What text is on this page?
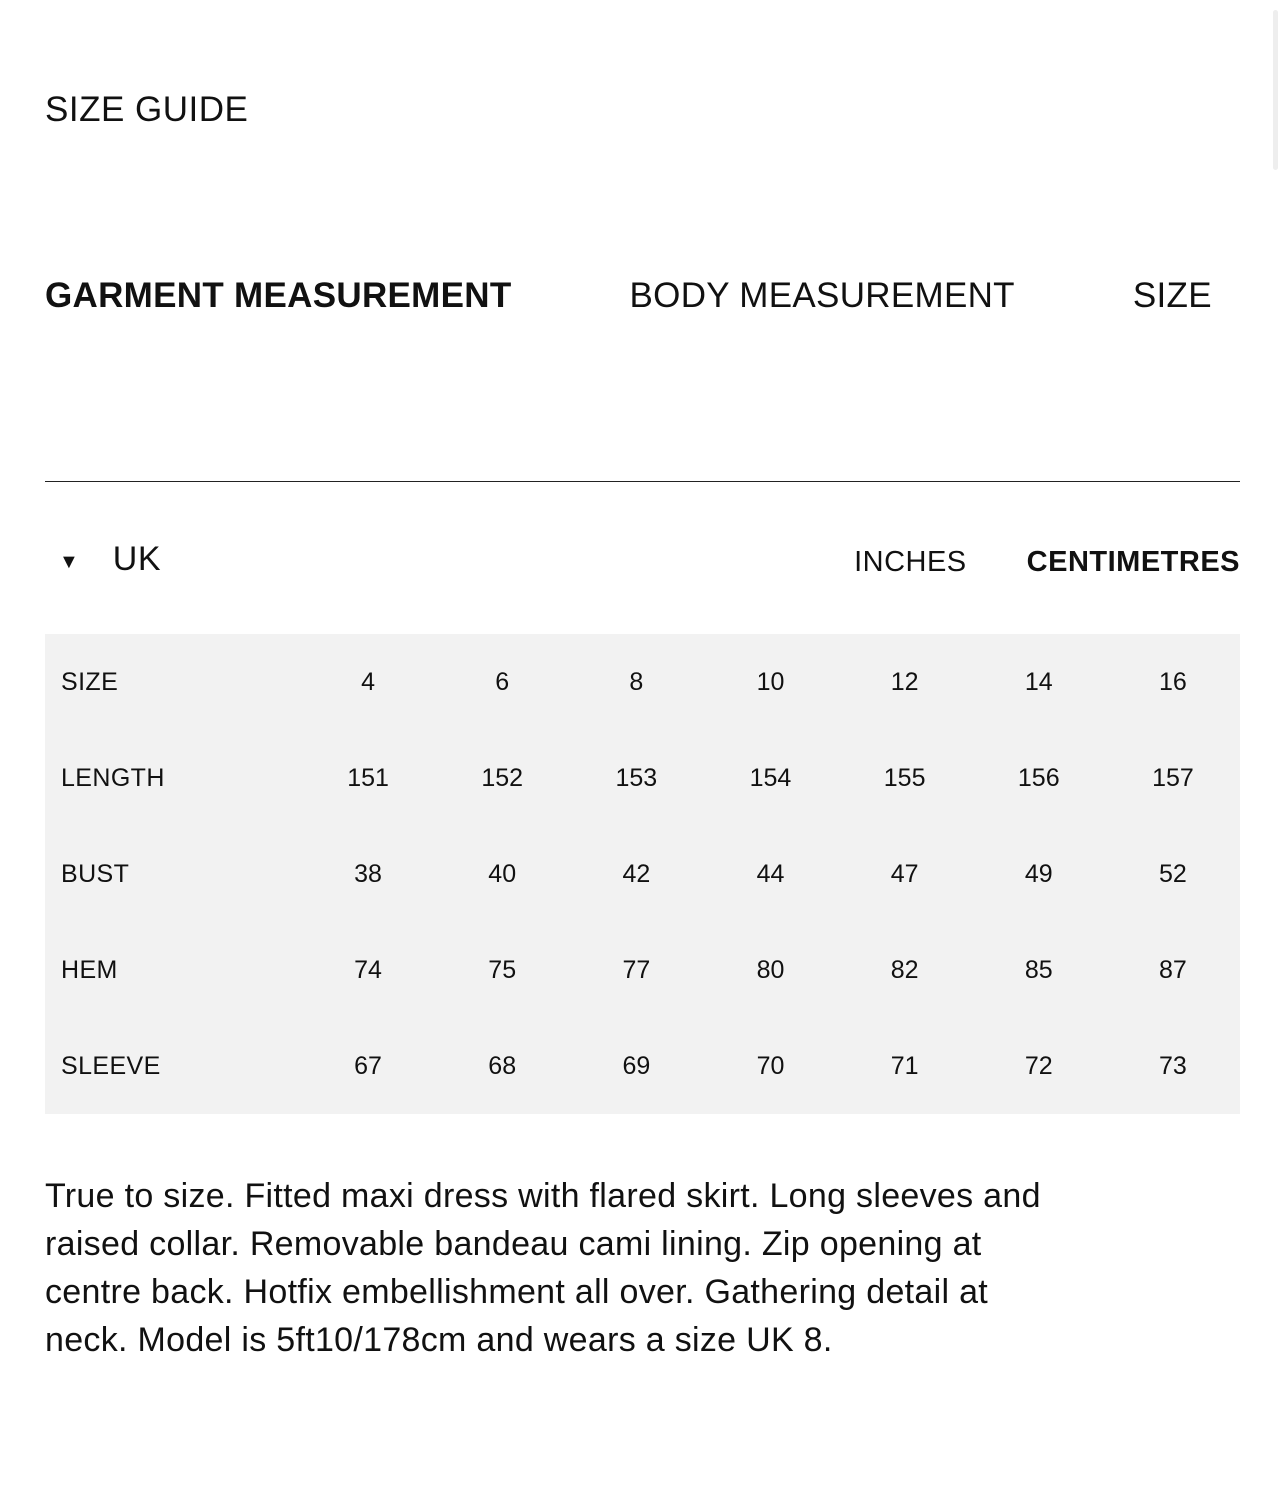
SIZE GUIDE
GARMENT MEASUREMENT	BODY MEASUREMENT	SIZE
▼ UK	INCHES CENTIMETRES
SIZE	4	6	8	10	12	14	16
LENGTH	151	152	153	154	155	156	157
BUST	38	40	42	44	47	49	52
HEM	74	75	77	80	82	85	87
SLEEVE	67	68	69	70	71	72	73

True to size. Fitted maxi dress with flared skirt. Long sleeves and raised collar. Removable bandeau cami lining. Zip opening at centre back. Hotfix embellishment all over. Gathering detail at neck. Model is 5ft10/178cm and wears a size UK 8.
